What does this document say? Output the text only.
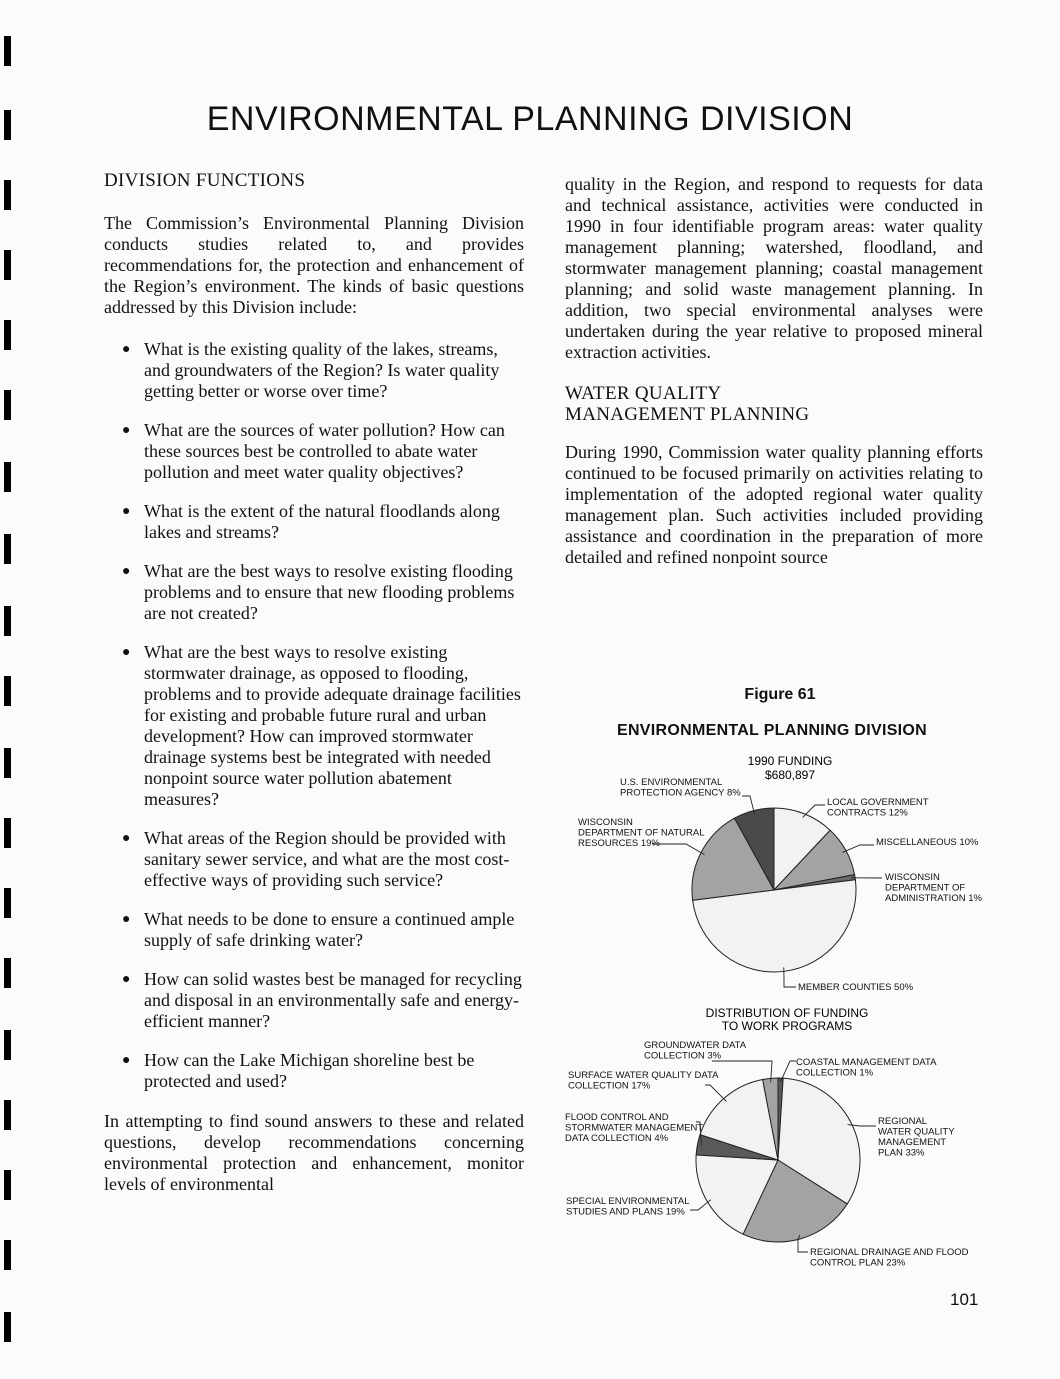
ENVIRONMENTAL PLANNING DIVISION
DIVISION FUNCTIONS

The Commission’s Environmental Planning Division conducts studies related to, and provides recommendations for, the protection and enhancement of the Region’s environment. The kinds of basic questions addressed by this Division include:

● What is the existing quality of the lakes, streams, and groundwaters of the Region? Is water quality getting better or worse over time?
● What are the sources of water pollution? How can these sources best be controlled to abate water pollution and meet water quality objectives?
● What is the extent of the natural floodlands along lakes and streams?
● What are the best ways to resolve existing flooding problems and to ensure that new flooding problems are not created?
● What are the best ways to resolve existing stormwater drainage, as opposed to flooding, problems and to provide adequate drainage facilities for existing and probable future rural and urban development? How can improved stormwater drainage systems best be integrated with needed nonpoint source water pollution abatement measures?
● What areas of the Region should be provided with sanitary sewer service, and what are the most cost-effective ways of providing such service?
● What needs to be done to ensure a continued ample supply of safe drinking water?
● How can solid wastes best be managed for recycling and disposal in an environmentally safe and energy-efficient manner?
● How can the Lake Michigan shoreline best be protected and used?

In attempting to find sound answers to these and related questions, develop recommendations concerning environmental protection and enhancement, monitor levels of environmental

quality in the Region, and respond to requests for data and technical assistance, activities were conducted in 1990 in four identifiable program areas: water quality management planning; watershed, floodland, and stormwater management planning; coastal management planning; and solid waste management planning. In addition, two special environmental analyses were undertaken during the year relative to proposed mineral extraction activities.

WATER QUALITY
MANAGEMENT PLANNING

During 1990, Commission water quality planning efforts continued to be focused primarily on activities relating to implementation of the adopted regional water quality management plan. Such activities included providing assistance and coordination in the preparation of more detailed and refined nonpoint source

Figure 61
ENVIRONMENTAL PLANNING DIVISION
1990 FUNDING
$680,897
LOCAL GOVERNMENT CONTRACTS 12%
MISCELLANEOUS 10%
WISCONSIN DEPARTMENT OF ADMINISTRATION 1%
MEMBER COUNTIES 50%
WISCONSIN DEPARTMENT OF NATURAL RESOURCES 19%
U.S. ENVIRONMENTAL PROTECTION AGENCY 8%
DISTRIBUTION OF FUNDING
TO WORK PROGRAMS
COASTAL MANAGEMENT DATA COLLECTION 1%
REGIONAL WATER QUALITY MANAGEMENT PLAN 33%
REGIONAL DRAINAGE AND FLOOD CONTROL PLAN 23%
SPECIAL ENVIRONMENTAL STUDIES AND PLANS 19%
FLOOD CONTROL AND STORMWATER MANAGEMENT DATA COLLECTION 4%
SURFACE WATER QUALITY DATA COLLECTION 17%
GROUNDWATER DATA COLLECTION 3%
101
